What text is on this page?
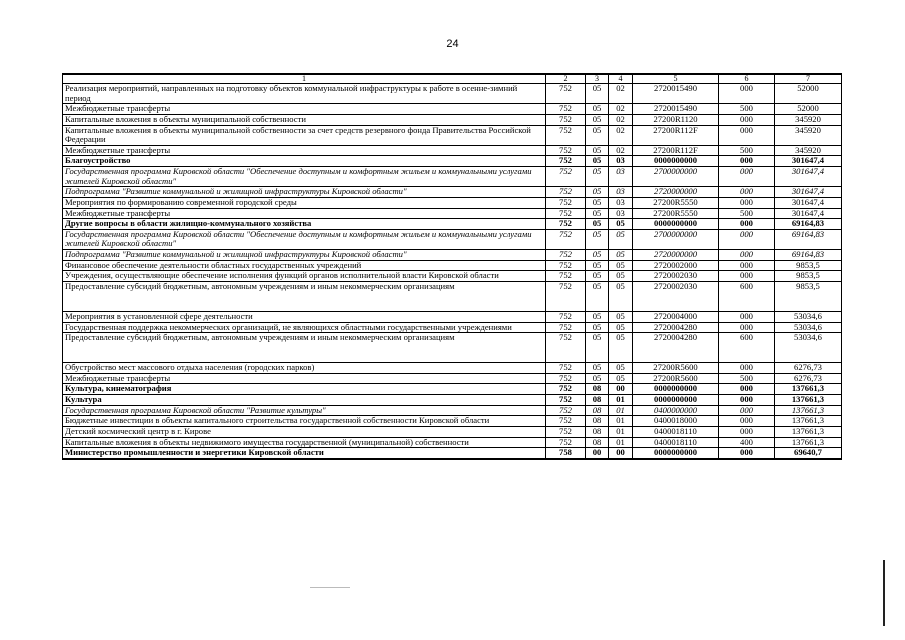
24
1	2	3	4	5	6	7
Реализация мероприятий, направленных на подготовку объектов коммунальной инфраструктуры к работе в осенне-зимний период	752	05	02	2720015490	000	52000
Межбюджетные трансферты	752	05	02	2720015490	500	52000
Капитальные вложения в объекты муниципальной собственности	752	05	02	27200R1120	000	345920
Капитальные вложения в объекты муниципальной собственности за счет средств резервного фонда Правительства Российской Федерации	752	05	02	27200R112F	000	345920
Межбюджетные трансферты	752	05	02	27200R112F	500	345920
Благоустройство	752	05	03	0000000000	000	301647,4
Государственная программа Кировской области "Обеспечение доступным и комфортным жильем и коммунальными услугами жителей Кировской области"	752	05	03	2700000000	000	301647,4
Подпрограмма "Развитие коммунальной и жилищной инфраструктуры Кировской области"	752	05	03	2720000000	000	301647,4
Мероприятия по формированию современной городской среды	752	05	03	27200R5550	000	301647,4
Межбюджетные трансферты	752	05	03	27200R5550	500	301647,4
Другие вопросы в области жилищно-коммунального хозяйства	752	05	05	0000000000	000	69164,83
Государственная программа Кировской области "Обеспечение доступным и комфортным жильем и коммунальными услугами жителей Кировской области"	752	05	05	2700000000	000	69164,83
Подпрограмма "Развитие коммунальной и жилищной инфраструктуры Кировской области"	752	05	05	2720000000	000	69164,83
Финансовое обеспечение деятельности областных государственных учреждений	752	05	05	2720002000	000	9853,5
Учреждения, осуществляющие обеспечение исполнения функций органов исполнительной власти Кировской области	752	05	05	2720002030	000	9853,5
Предоставление субсидий бюджетным, автономным учреждениям и иным некоммерческим организациям	752	05	05	2720002030	600	9853,5
Мероприятия в установленной сфере деятельности	752	05	05	2720004000	000	53034,6
Государственная поддержка некоммерческих организаций, не являющихся областными государственными учреждениями	752	05	05	2720004280	000	53034,6
Предоставление субсидий бюджетным, автономным учреждениям и иным некоммерческим организациям	752	05	05	2720004280	600	53034,6
Обустройство мест массового отдыха населения (городских парков)	752	05	05	27200R5600	000	6276,73
Межбюджетные трансферты	752	05	05	27200R5600	500	6276,73
Культура, кинематография	752	08	00	0000000000	000	137661,3
Культура	752	08	01	0000000000	000	137661,3
Государственная программа Кировской области "Развитие культуры"	752	08	01	0400000000	000	137661,3
Бюджетные инвестиции в объекты капитального строительства государственной собственности Кировской области	752	08	01	0400018000	000	137661,3
Детский космический центр в г. Кирове	752	08	01	0400018110	000	137661,3
Капитальные вложения в объекты недвижимого имущества государственной (муниципальной) собственности	752	08	01	0400018110	400	137661,3
Министерство промышленности и энергетики Кировской области	758	00	00	0000000000	000	69640,7
